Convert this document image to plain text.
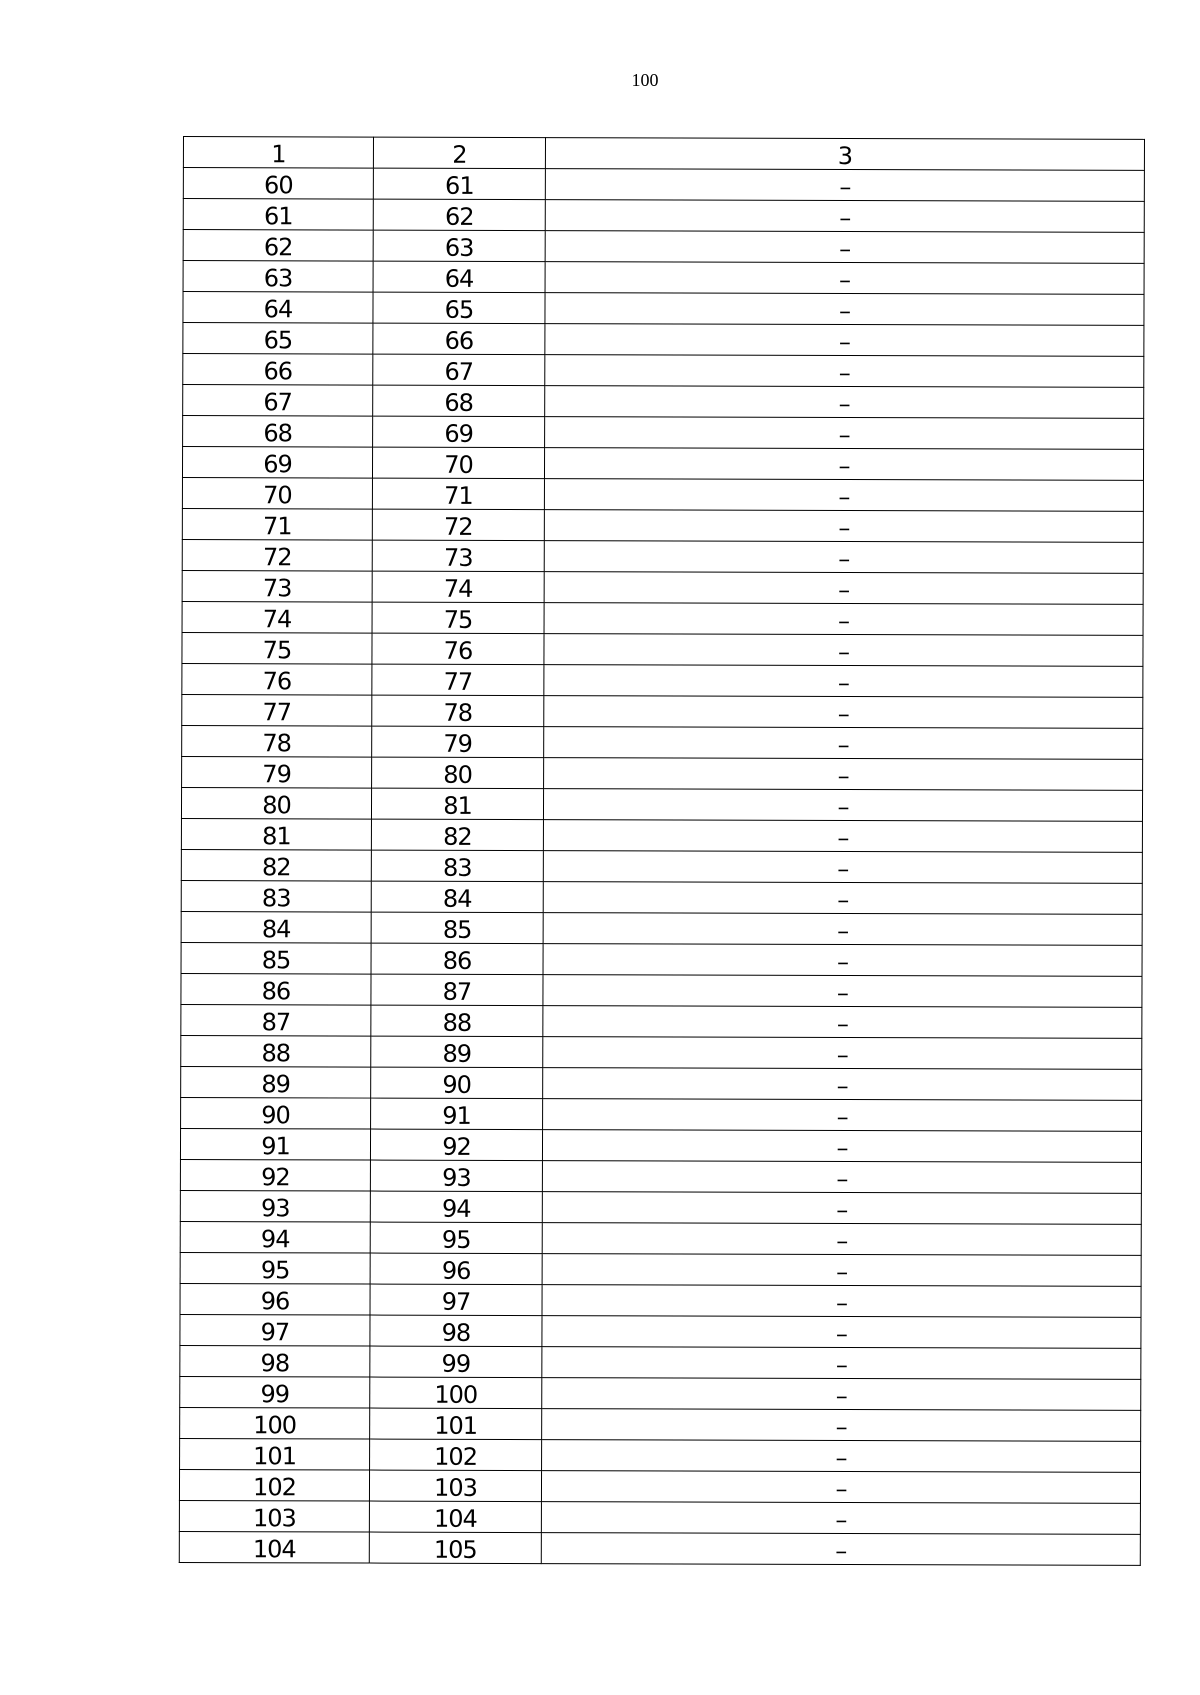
100
1	2	3
60	61	–
61	62	–
62	63	–
63	64	–
64	65	–
65	66	–
66	67	–
67	68	–
68	69	–
69	70	–
70	71	–
71	72	–
72	73	–
73	74	–
74	75	–
75	76	–
76	77	–
77	78	–
78	79	–
79	80	–
80	81	–
81	82	–
82	83	–
83	84	–
84	85	–
85	86	–
86	87	–
87	88	–
88	89	–
89	90	–
90	91	–
91	92	–
92	93	–
93	94	–
94	95	–
95	96	–
96	97	–
97	98	–
98	99	–
99	100	–
100	101	–
101	102	–
102	103	–
103	104	–
104	105	–
